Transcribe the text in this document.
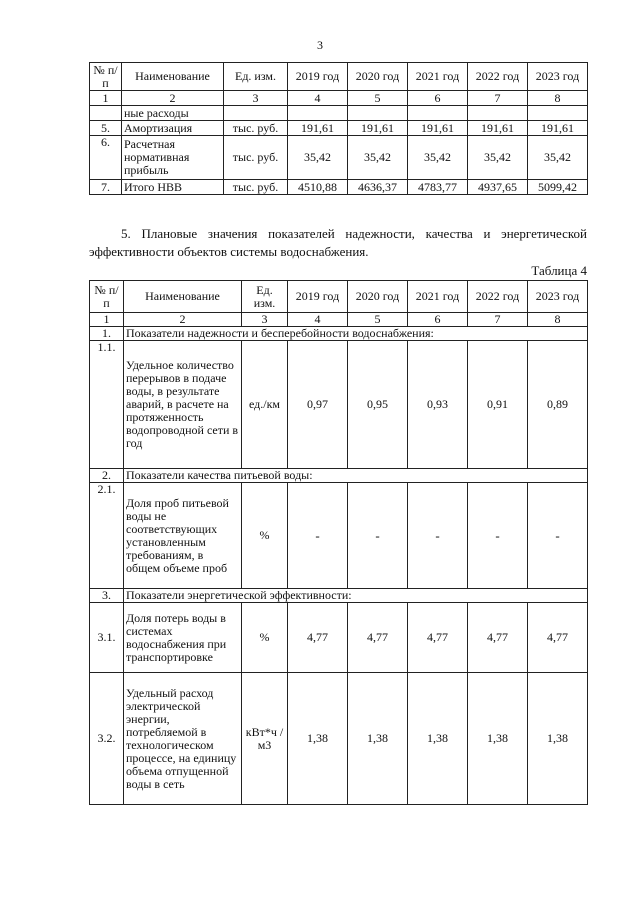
3
№ п/п	Наименование	Ед. изм.	2019 год	2020 год	2021 год	2022 год	2023 год
1	2	3	4	5	6	7	8
	ные расходы						
5.	Амортизация	тыс. руб.	191,61	191,61	191,61	191,61	191,61
6.	Расчетная нормативная прибыль	тыс. руб.	35,42	35,42	35,42	35,42	35,42
7.	Итого НВВ	тыс. руб.	4510,88	4636,37	4783,77	4937,65	5099,42
5. Плановые значения показателей надежности, качества и энергетической эффективности объектов системы водоснабжения.
Таблица 4
№ п/п	Наименование	Ед. изм.	2019 год	2020 год	2021 год	2022 год	2023 год
1	2	3	4	5	6	7	8
1.	Показатели надежности и бесперебойности водоснабжения:						
1.1.	Удельное количество перерывов в подаче воды, в результате аварий, в расчете на протяженность водопроводной сети в год	ед./км	0,97	0,95	0,93	0,91	0,89
2.	Показатели качества питьевой воды:						
2.1.	Доля проб питьевой воды не соответствующих установленным требованиям, в общем объеме проб	%	-	-	-	-	-
3.	Показатели энергетической эффективности:						
3.1.	Доля потерь воды в системах водоснабжения при транспортировке	%	4,77	4,77	4,77	4,77	4,77
3.2.	Удельный расход электрической энергии, потребляемой в технологическом процессе, на единицу объема отпущенной воды в сеть	кВт*ч /м3	1,38	1,38	1,38	1,38	1,38
